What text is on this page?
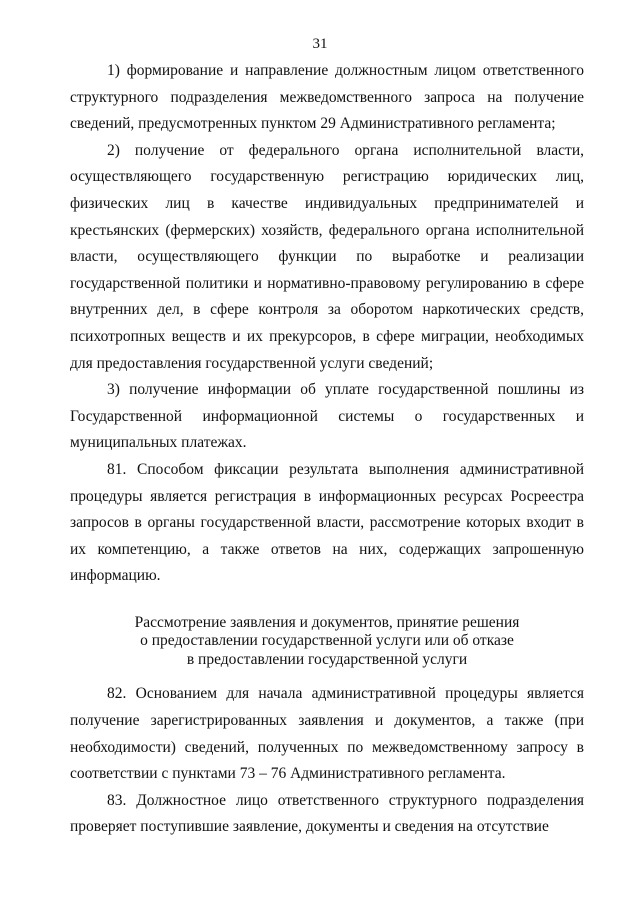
31

1) формирование и направление должностным лицом ответственного структурного подразделения межведомственного запроса на получение сведений, предусмотренных пунктом 29 Административного регламента;

2) получение от федерального органа исполнительной власти, осуществляющего государственную регистрацию юридических лиц, физических лиц в качестве индивидуальных предпринимателей и крестьянских (фермерских) хозяйств, федерального органа исполнительной власти, осуществляющего функции по выработке и реализации государственной политики и нормативно-правовому регулированию в сфере внутренних дел, в сфере контроля за оборотом наркотических средств, психотропных веществ и их прекурсоров, в сфере миграции, необходимых для предоставления государственной услуги сведений;

3) получение информации об уплате государственной пошлины из Государственной информационной системы о государственных и муниципальных платежах.

81. Способом фиксации результата выполнения административной процедуры является регистрация в информационных ресурсах Росреестра запросов в органы государственной власти, рассмотрение которых входит в их компетенцию, а также ответов на них, содержащих запрошенную информацию.

Рассмотрение заявления и документов, принятие решения
о предоставлении государственной услуги или об отказе
в предоставлении государственной услуги

82. Основанием для начала административной процедуры является получение зарегистрированных заявления и документов, а также (при необходимости) сведений, полученных по межведомственному запросу в соответствии с пунктами 73 – 76 Административного регламента.

83. Должностное лицо ответственного структурного подразделения проверяет поступившие заявление, документы и сведения на отсутствие
